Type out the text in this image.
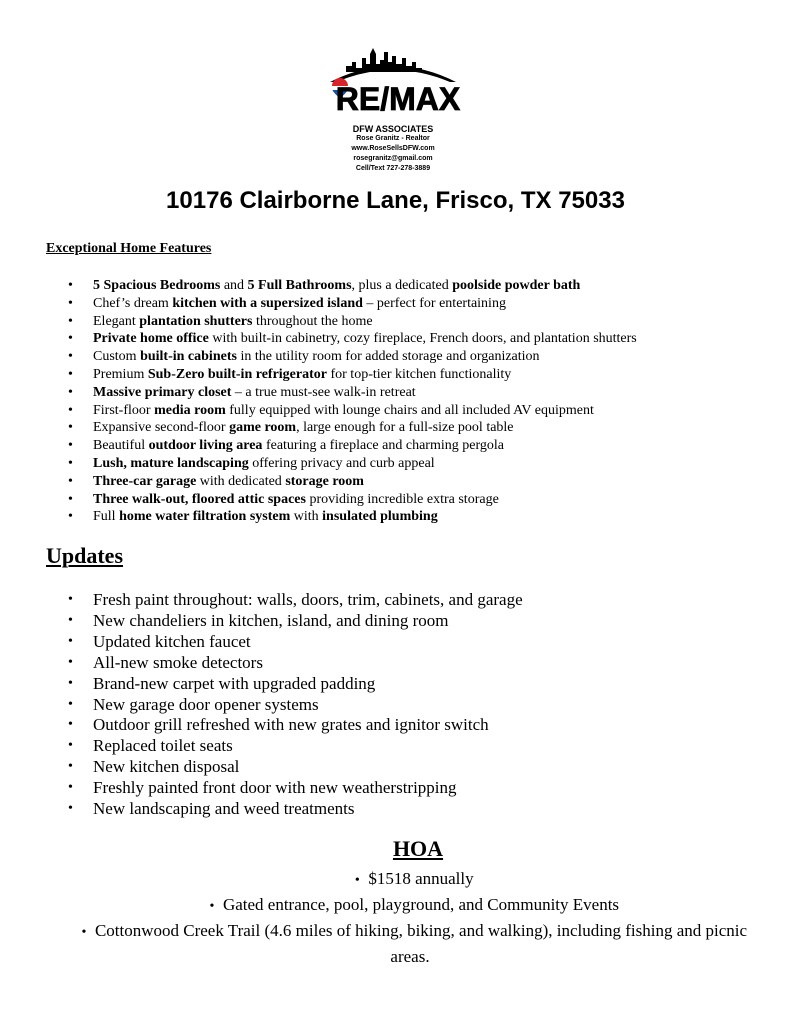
RE/MAX
DFW ASSOCIATES
Rose Granitz - Realtor
www.RoseSellsDFW.com
rosegranitz@gmail.com
Cell/Text 727-278-3889
10176 Clairborne Lane, Frisco, TX 75033
Exceptional Home Features
• 5 Spacious Bedrooms and 5 Full Bathrooms, plus a dedicated poolside powder bath
• Chef’s dream kitchen with a supersized island – perfect for entertaining
• Elegant plantation shutters throughout the home
• Private home office with built-in cabinetry, cozy fireplace, French doors, and plantation shutters
• Custom built-in cabinets in the utility room for added storage and organization
• Premium Sub-Zero built-in refrigerator for top-tier kitchen functionality
• Massive primary closet – a true must-see walk-in retreat
• First-floor media room fully equipped with lounge chairs and all included AV equipment
• Expansive second-floor game room, large enough for a full-size pool table
• Beautiful outdoor living area featuring a fireplace and charming pergola
• Lush, mature landscaping offering privacy and curb appeal
• Three-car garage with dedicated storage room
• Three walk-out, floored attic spaces providing incredible extra storage
• Full home water filtration system with insulated plumbing
Updates
• Fresh paint throughout: walls, doors, trim, cabinets, and garage
• New chandeliers in kitchen, island, and dining room
• Updated kitchen faucet
• All-new smoke detectors
• Brand-new carpet with upgraded padding
• New garage door opener systems
• Outdoor grill refreshed with new grates and ignitor switch
• Replaced toilet seats
• New kitchen disposal
• Freshly painted front door with new weatherstripping
• New landscaping and weed treatments
HOA
• $1518 annually
• Gated entrance, pool, playground, and Community Events
• Cottonwood Creek Trail (4.6 miles of hiking, biking, and walking), including fishing and picnic areas.
